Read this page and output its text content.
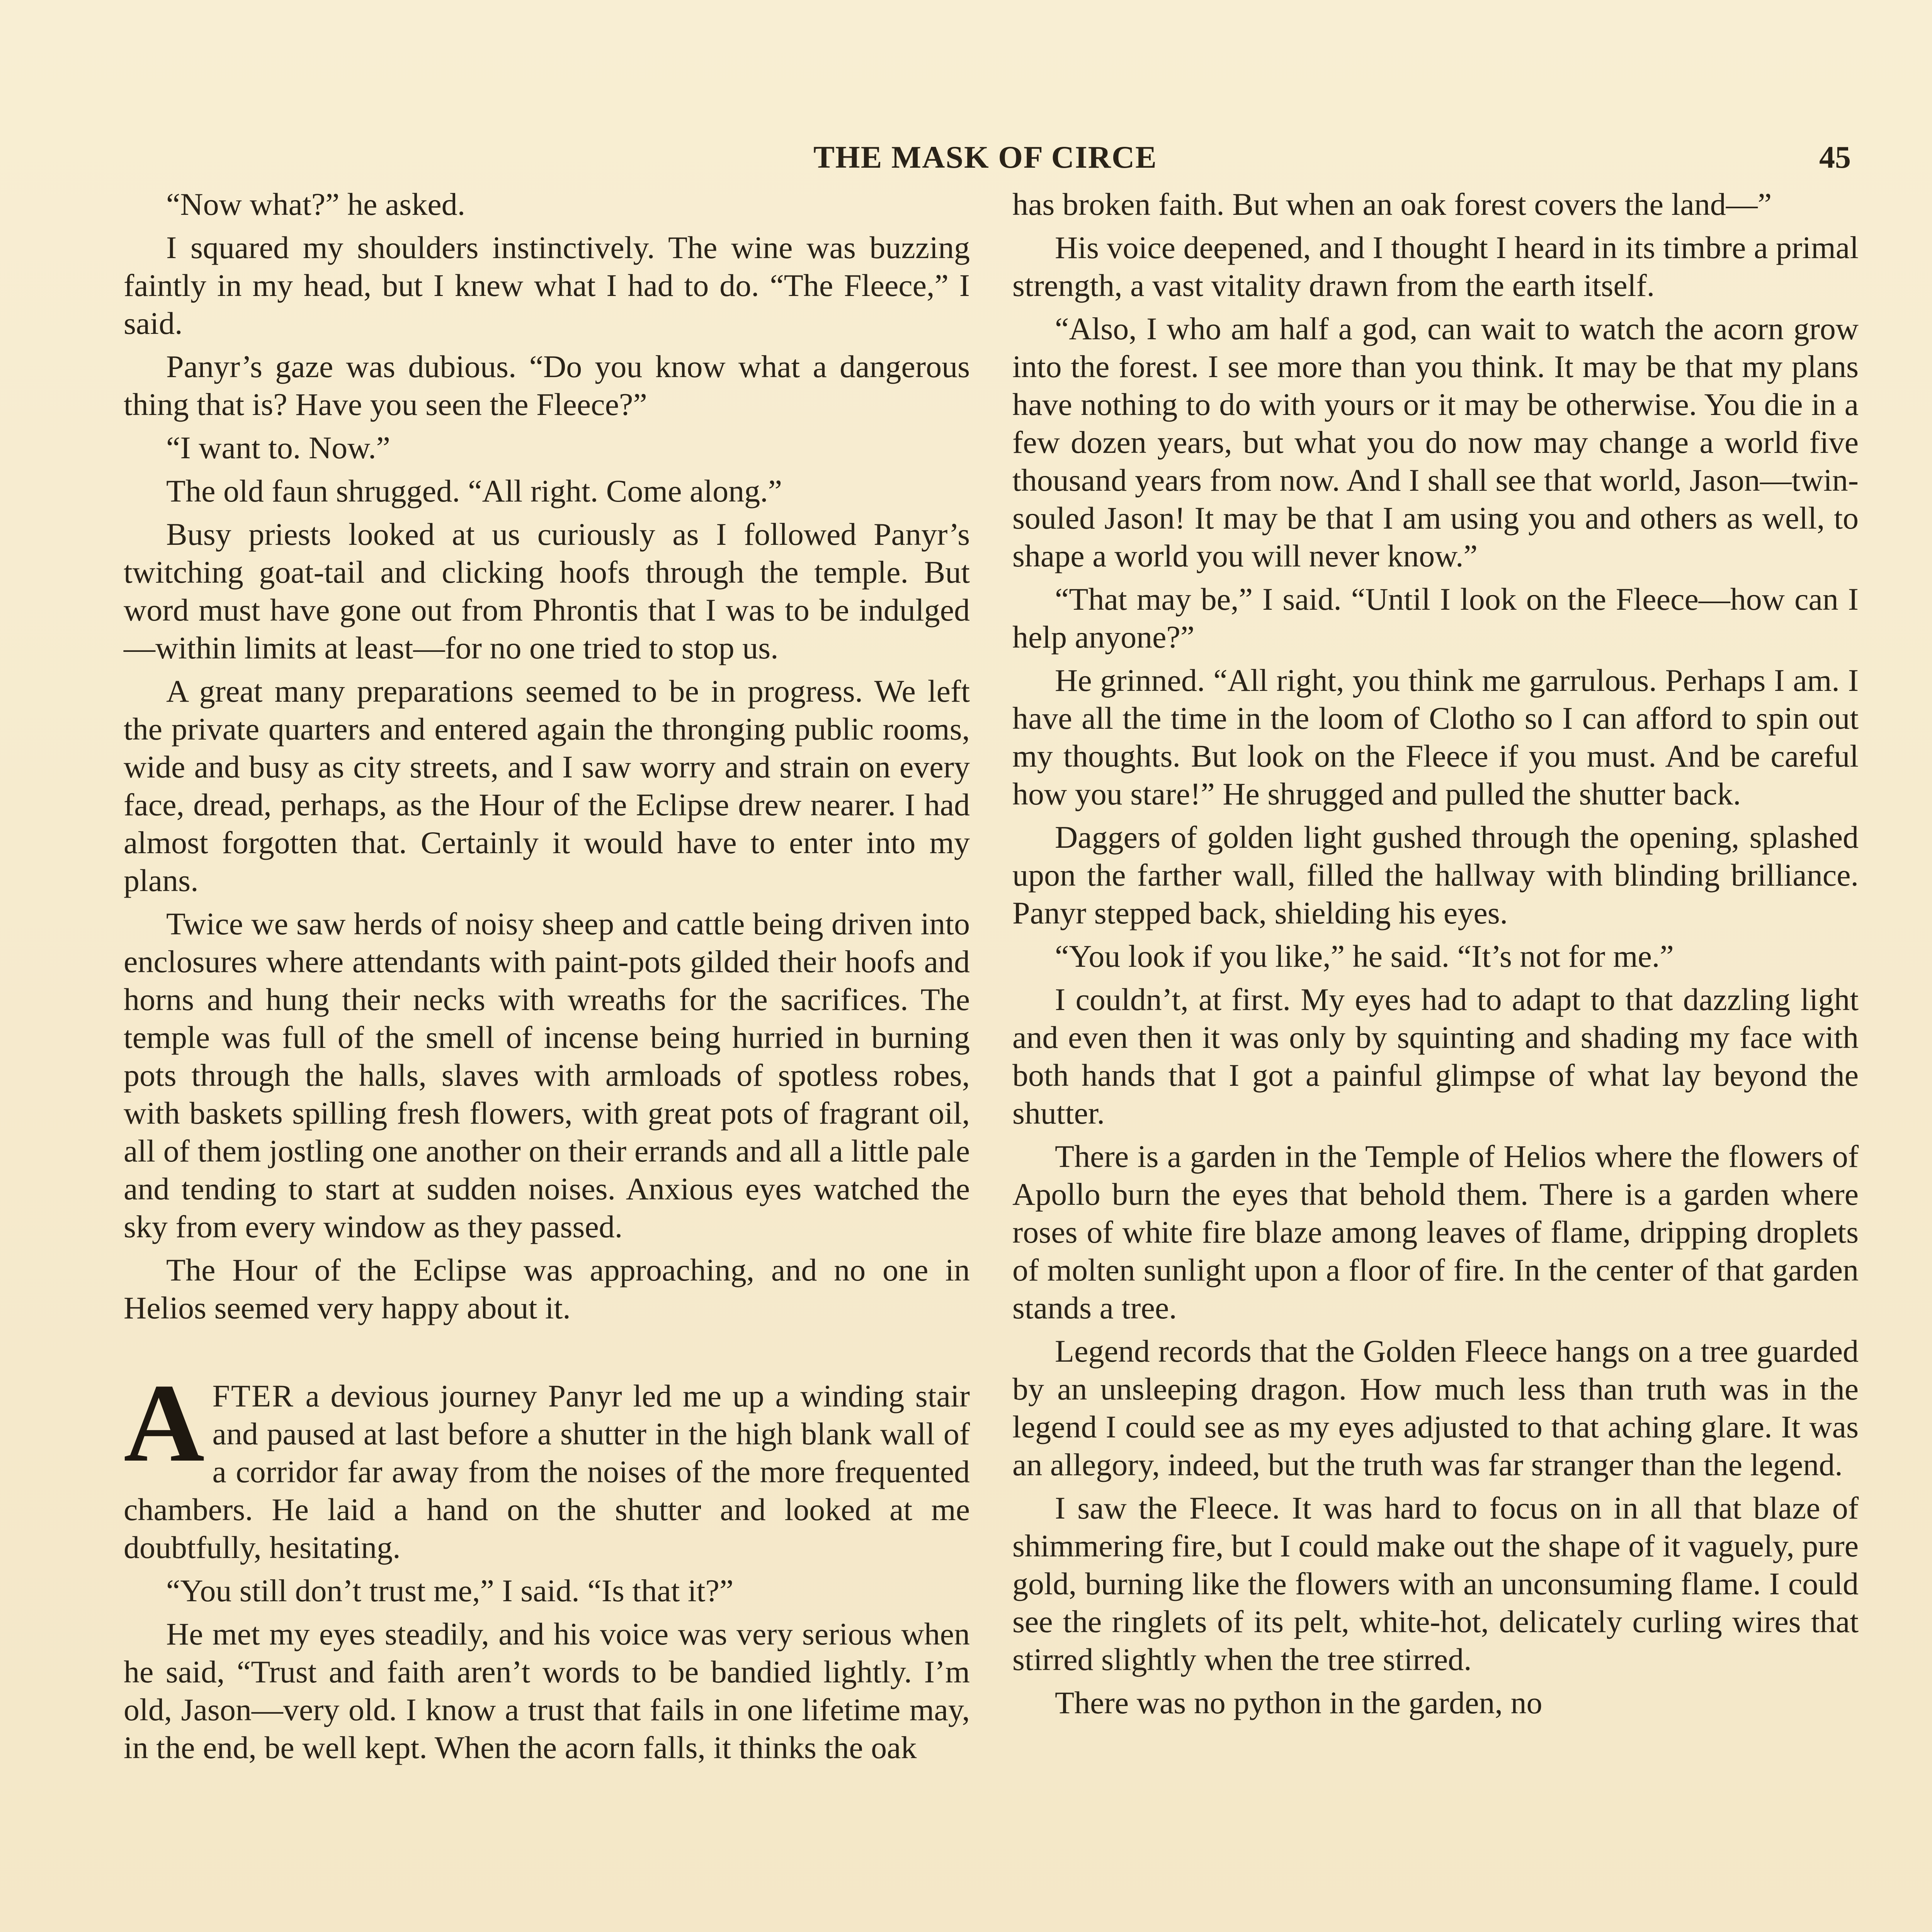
THE MASK OF CIRCE	45

“Now what?” he asked.

I squared my shoulders instinctively. The wine was buzzing faintly in my head, but I knew what I had to do. “The Fleece,” I said.

Panyr’s gaze was dubious. “Do you know what a dangerous thing that is? Have you seen the Fleece?”

“I want to. Now.”

The old faun shrugged. “All right. Come along.”

Busy priests looked at us curiously as I followed Panyr’s twitching goat-tail and clicking hoofs through the temple. But word must have gone out from Phrontis that I was to be indulged—within limits at least—for no one tried to stop us.

A great many preparations seemed to be in progress. We left the private quarters and entered again the thronging public rooms, wide and busy as city streets, and I saw worry and strain on every face, dread, perhaps, as the Hour of the Eclipse drew nearer. I had almost forgotten that. Certainly it would have to enter into my plans.

Twice we saw herds of noisy sheep and cattle being driven into enclosures where attendants with paint-pots gilded their hoofs and horns and hung their necks with wreaths for the sacrifices. The temple was full of the smell of incense being hurried in burning pots through the halls, slaves with armloads of spotless robes, with baskets spilling fresh flowers, with great pots of fragrant oil, all of them jostling one another on their errands and all a little pale and tending to start at sudden noises. Anxious eyes watched the sky from every window as they passed.

The Hour of the Eclipse was approaching, and no one in Helios seemed very happy about it.

AFTER a devious journey Panyr led me up a winding stair and paused at last before a shutter in the high blank wall of a corridor far away from the noises of the more frequented chambers. He laid a hand on the shutter and looked at me doubtfully, hesitating.

“You still don’t trust me,” I said. “Is that it?”

He met my eyes steadily, and his voice was very serious when he said, “Trust and faith aren’t words to be bandied lightly. I’m old, Jason—very old. I know a trust that fails in one lifetime may, in the end, be well kept. When the acorn falls, it thinks the oak

has broken faith. But when an oak forest covers the land—”

His voice deepened, and I thought I heard in its timbre a primal strength, a vast vitality drawn from the earth itself.

“Also, I who am half a god, can wait to watch the acorn grow into the forest. I see more than you think. It may be that my plans have nothing to do with yours or it may be otherwise. You die in a few dozen years, but what you do now may change a world five thousand years from now. And I shall see that world, Jason—twin-souled Jason! It may be that I am using you and others as well, to shape a world you will never know.”

“That may be,” I said. “Until I look on the Fleece—how can I help anyone?”

He grinned. “All right, you think me garrulous. Perhaps I am. I have all the time in the loom of Clotho so I can afford to spin out my thoughts. But look on the Fleece if you must. And be careful how you stare!” He shrugged and pulled the shutter back.

Daggers of golden light gushed through the opening, splashed upon the farther wall, filled the hallway with blinding brilliance. Panyr stepped back, shielding his eyes.

“You look if you like,” he said. “It’s not for me.”

I couldn’t, at first. My eyes had to adapt to that dazzling light and even then it was only by squinting and shading my face with both hands that I got a painful glimpse of what lay beyond the shutter.

There is a garden in the Temple of Helios where the flowers of Apollo burn the eyes that behold them. There is a garden where roses of white fire blaze among leaves of flame, dripping droplets of molten sunlight upon a floor of fire. In the center of that garden stands a tree.

Legend records that the Golden Fleece hangs on a tree guarded by an unsleeping dragon. How much less than truth was in the legend I could see as my eyes adjusted to that aching glare. It was an allegory, indeed, but the truth was far stranger than the legend.

I saw the Fleece. It was hard to focus on in all that blaze of shimmering fire, but I could make out the shape of it vaguely, pure gold, burning like the flowers with an unconsuming flame. I could see the ringlets of its pelt, white-hot, delicately curling wires that stirred slightly when the tree stirred.

There was no python in the garden, no
